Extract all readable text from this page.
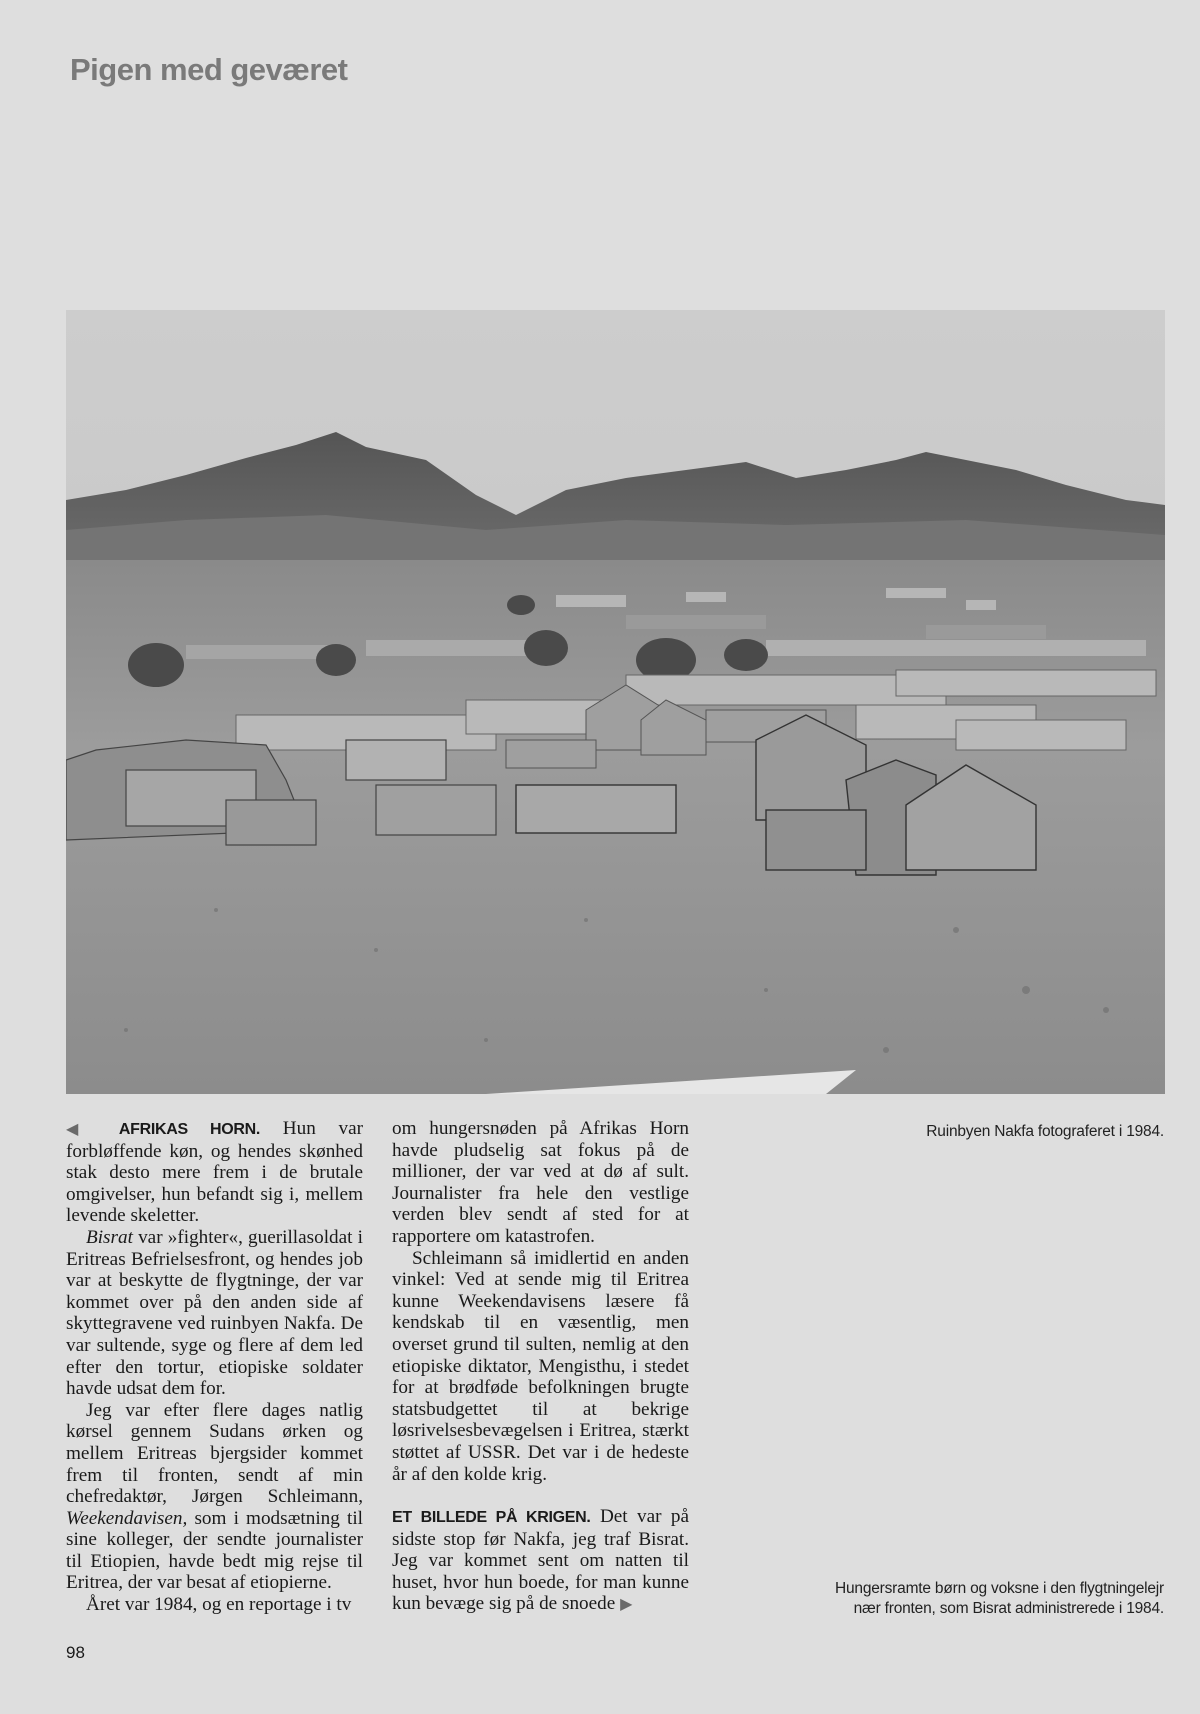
Pigen med geværet

◀ AFRIKAS HORN. Hun var forbløffende køn, og hendes skønhed stak desto mere frem i de brutale omgivelser, hun befandt sig i, mellem levende skeletter.

Bisrat var »fighter«, guerillasoldat i Eritreas Befrielsesfront, og hendes job var at beskytte de flygtninge, der var kommet over på den anden side af skyttegravene ved ruinbyen Nakfa. De var sultende, syge og flere af dem led efter den tortur, etiopiske soldater havde udsat dem for.

Jeg var efter flere dages natlig kørsel gennem Sudans ørken og mellem Eritreas bjergsider kommet frem til fronten, sendt af min chefredaktør, Jørgen Schleimann, Weekendavisen, som i modsætning til sine kolleger, der sendte journalister til Etiopien, havde bedt mig rejse til Eritrea, der var besat af etiopierne.

Året var 1984, og en reportage i tv

om hungersnøden på Afrikas Horn havde pludselig sat fokus på de millioner, der var ved at dø af sult. Journalister fra hele den vestlige verden blev sendt af sted for at rapportere om katastrofen.

Schleimann så imidlertid en anden vinkel: Ved at sende mig til Eritrea kunne Weekendavisens læsere få kendskab til en væsentlig, men overset grund til sulten, nemlig at den etiopiske diktator, Mengisthu, i stedet for at brødføde befolkningen brugte statsbudgettet til at bekrige løsrivelsesbevægelsen i Eritrea, stærkt støttet af USSR. Det var i de hedeste år af den kolde krig.

ET BILLEDE PÅ KRIGEN. Det var på sidste stop før Nakfa, jeg traf Bisrat. Jeg var kommet sent om natten til huset, hvor hun boede, for man kunne kun bevæge sig på de snoede ▶

Ruinbyen Nakfa fotograferet i 1984.
Hungersramte børn og voksne i den flygtningelejr nær fronten, som Bisrat administrerede i 1984.
98
